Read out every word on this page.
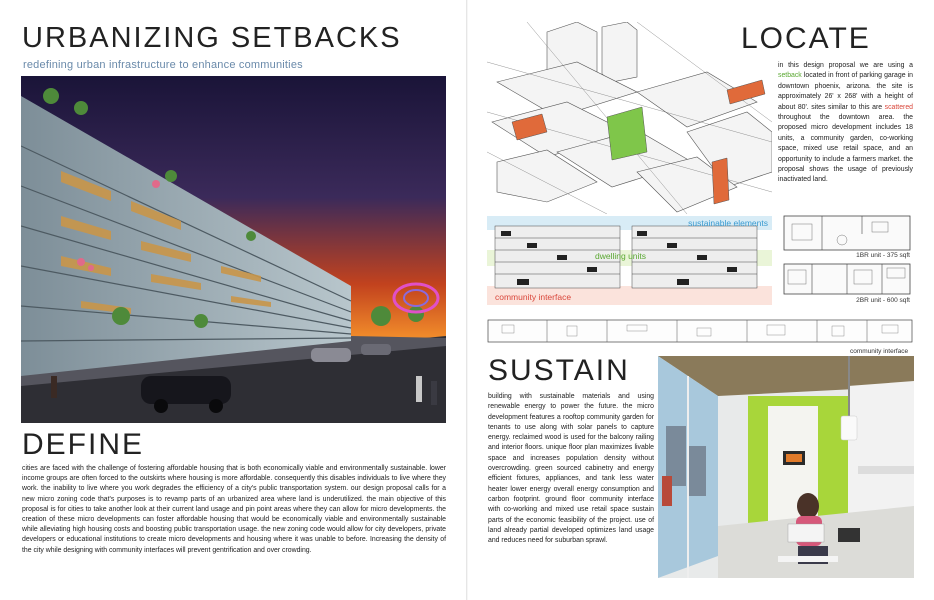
URBANIZING SETBACKS
redefining urban infrastructure to enhance communities
DEFINE

cities are faced with the challenge of fostering affordable housing that is both economically viable and environmentally sustainable. lower income groups are often forced to the outskirts where housing is more affordable. consequently this disables individuals to live where they work. the inability to live where you work degrades the efficiency of a city's public transportation system. our design proposal calls for a new micro zoning code that's purposes is to revamp parts of an urbanized area where land is underutilized. the main objective of this proposal is for cities to take another look at their current land usage and pin point areas where they can allow for micro developments. the creation of these micro developments can foster affordable housing that would be economically viable and environmentally sustainable while alleviating high housing costs and boosting public transportation usage. the new zoning code would allow for city developers, private developers or educational institutions to create micro developments and housing where it was unable to before. Increasing the density of the city while designing with community interfaces will prevent gentrification and over crowding.

LOCATE

in this design proposal we are using a setback located in front of parking garage in downtown phoenix, arizona. the site is approximately 26' x 268' with a height of about 80'. sites similar to this are scattered throughout the downtown area. the proposed micro development includes 18 units, a community garden, co-working space, mixed use retail space, and an opportunity to include a farmers market. the proposal shows the usage of previously inactivated land.

sustainable elements
dwelling units
community interface
1BR unit - 375 sqft
2BR unit - 600 sqft
community interface
SUSTAIN

building with sustainable materials and using renewable energy to power the future. the micro development features a rooftop community garden for tenants to use along with solar panels to capture energy. reclaimed wood is used for the balcony railing and interior floors. unique floor plan maximizes livable space and increases population density without overcrowding. green sourced cabinetry and energy efficient fixtures, appliances, and tank less water heater lower energy overall energy consumption and carbon footprint. ground floor community interface with co-working and mixed use retail space sustain parts of the economic feasibility of the project. use of land already partial developed optimizes land usage and reduces need for suburban sprawl.
